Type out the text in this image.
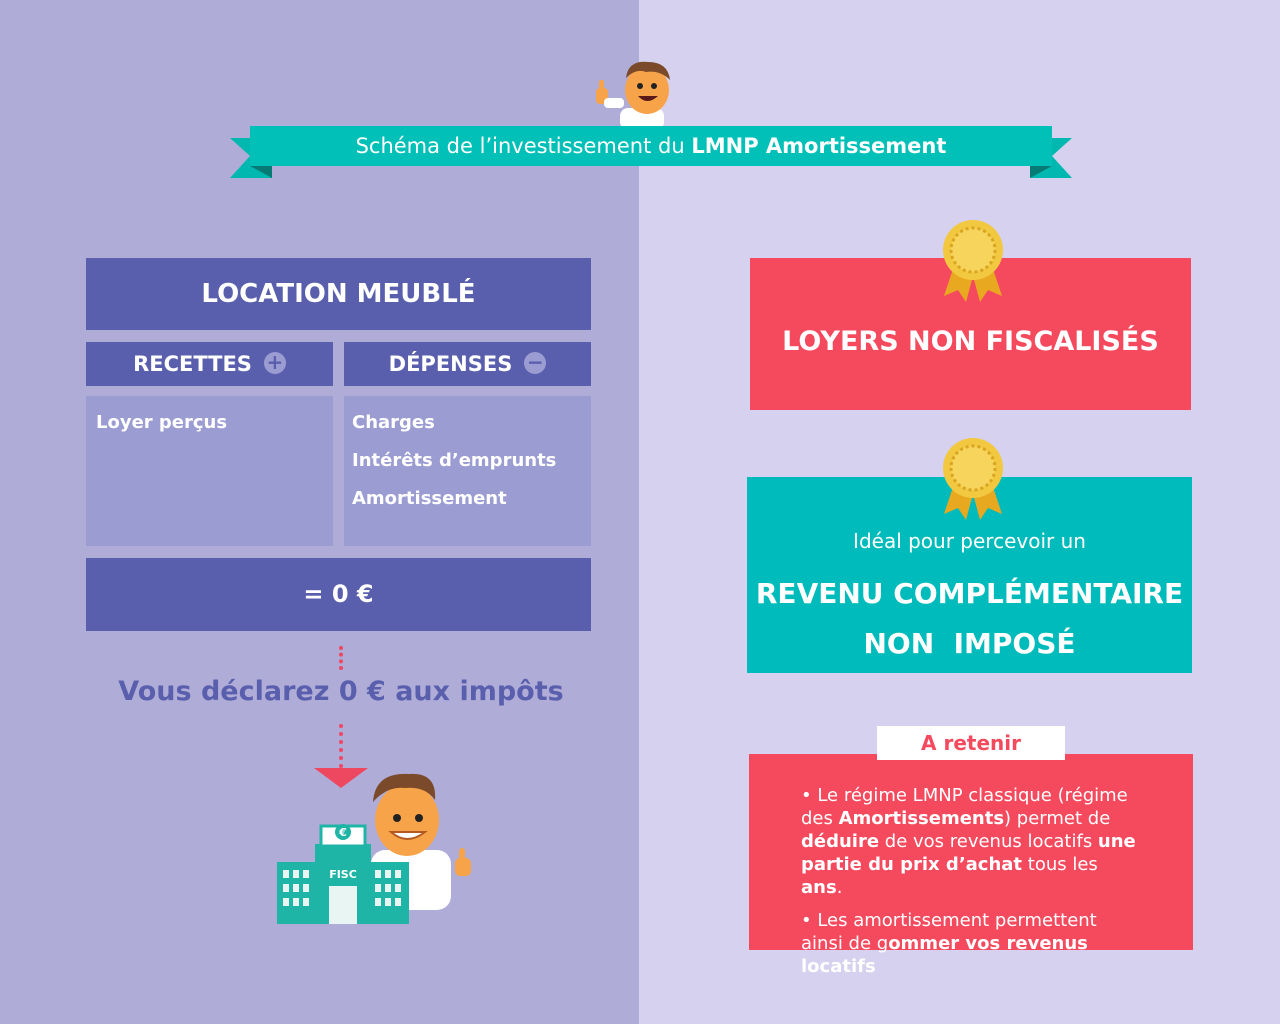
Schéma de l’investissement du LMNP Amortissement
LOCATION MEUBLÉ
RECETTES +	DÉPENSES −
Loyer perçus	Charges
Intérêts d’emprunts
Amortissement
= 0 €
Vous déclarez 0 € aux impôts
€
FISC
LOYERS NON FISCALISÉS
Idéal pour percevoir un
REVENU COMPLÉMENTAIRE
NON  IMPOSÉ

• Le régime LMNP classique (régime des Amortissements) permet de déduire de vos revenus locatifs une partie du prix d’achat tous les ans.

• Les amortissement permettent ainsi de gommer vos revenus locatifs

A retenir
